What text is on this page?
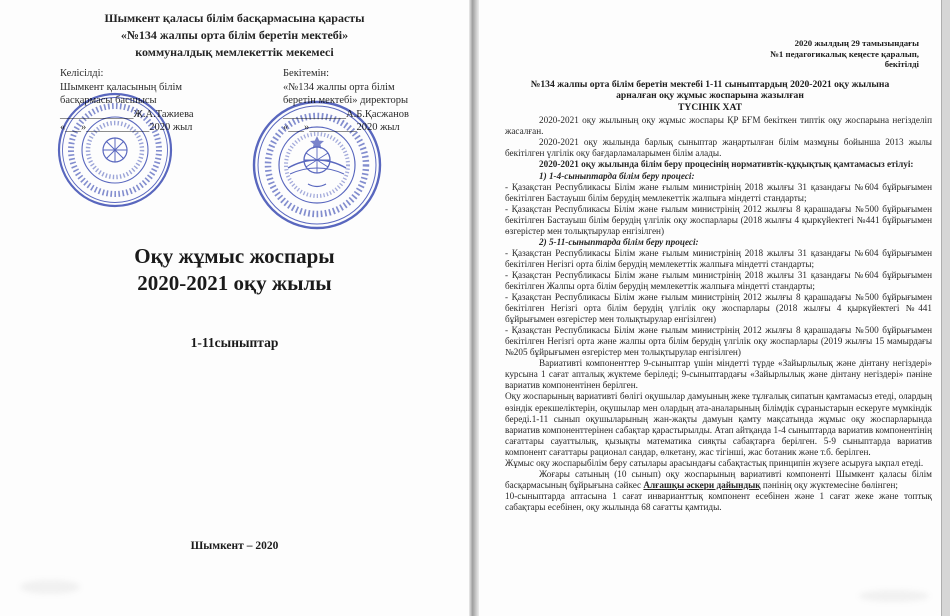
Шымкент қаласы білім басқармасына қарасты
«№134 жалпы орта білім беретін мектебі»
коммуналдық мемлекеттік мекемесі
Келісілді:
Шымкент қаласының білім
басқармасы басшысы
______________Ж.А.Тажиева
«___»____________2020 жыл
Бекітемін:
«№134 жалпы орта білім
беретін мектебі» директоры
____________А.Б.Қасжанов
«___»_________2020 жыл
Оқу жұмыс жоспары
2020-2021 оқу жылы
1-11сыныптар
Шымкент – 2020
2020 жылдың 29 тамызындағы
№1 педагогикалық кеңесте қаралып,
бекітілді
№134 жалпы орта білім беретін мектебі 1-11 сыныптардың 2020-2021 оқу жылына
арналған оқу жұмыс жоспарына жазылған
ТҮСІНІК ХАТ

2020-2021 оқу жылының оқу жұмыс жоспары ҚР БҒМ бекіткен типтік оқу жоспарына негізделіп жасалған.

2020-2021 оқу жылында барлық сыныптар жаңартылған білім мазмұны бойынша 2013 жылы бекітілген үлгілік оқу бағдарламаларымен білім алады.

2020-2021 оқу жылында білім беру процесінің нормативтік-құқықтық қамтамасыз етілуі:

1) 1-4-сыныптарда білім беру процесі:

- Қазақстан Республикасы Білім және ғылым министрінің 2018 жылғы 31 қазандағы №604 бұйрығымен бекітілген Бастауыш білім берудің мемлекеттік жалпыға міндетті стандарты;

- Қазақстан Республикасы Білім және ғылым министрінің 2012 жылғы 8 қарашадағы №500 бұйрығымен бекітілген Бастауыш білім берудің үлгілік оқу жоспарлары (2018 жылғы 4 қыркүйектегі №441 бұйрығымен өзгерістер мен толықтырулар енгізілген)

2) 5-11-сыныптарда білім беру процесі:

- Қазақстан Республикасы Білім және ғылым министрінің 2018 жылғы 31 қазандағы №604 бұйрығымен бекітілген Негізгі орта білім берудің мемлекеттік жалпыға міндетті стандарты;

- Қазақстан Республикасы Білім және ғылым министрінің 2018 жылғы 31 қазандағы №604 бұйрығымен бекітілген Жалпы орта білім берудің мемлекеттік жалпыға міндетті стандарты;

- Қазақстан Республикасы Білім және ғылым министрінің 2012 жылғы 8 қарашадағы №500 бұйрығымен бекітілген Негізгі орта білім берудің үлгілік оқу жоспарлары (2018 жылғы 4 қыркүйектегі №441 бұйрығымен өзгерістер мен толықтырулар енгізілген)

- Қазақстан Республикасы Білім және ғылым министрінің 2012 жылғы 8 қарашадағы №500 бұйрығымен бекітілген Негізгі орта және жалпы орта білім берудің үлгілік оқу жоспарлары (2019 жылғы 15 мамырдағы №205 бұйрығымен өзгерістер мен толықтырулар енгізілген)

Вариативті компоненттер 9-сыныптар үшін міндетті түрде «Зайырлылық және дінтану негіздері» курсына 1 сағат апталық жүктеме беріледі; 9-сыныптардағы «Зайырлылық және дінтану негіздері» пәніне вариатив компонентінен берілген.

Оқу жоспарының вариативті бөлігі оқушылар дамуының жеке тұлғалық сипатын қамтамасыз етеді, олардың өзіндік ерекшеліктерін, оқушылар мен олардың ата-аналарының білімдік сұраныстарын ескеруге мүмкіндік береді.1-11 сынып оқушыларының жан-жақты дамуын қамту мақсатында жұмыс оқу жоспарларында вариатив компоненттерінен сабақтар қарастырылды. Атап айтқанда 1-4 сыныптарда вариатив компонентінің сағаттары сауаттылық, қызықты математика сияқты сабақтарға берілген. 5-9 сыныптарда вариатив компонент сағаттары рационал сандар, өлкетану, жас тігінші, жас ботаник және т.б. берілген.

Жұмыс оқу жоспарыбілім беру сатылары арасындағы сабақтастық принципін жүзеге асыруға ықпал етеді.

Жоғары сатының (10 сынып) оқу жоспарының вариативті компоненті Шымкент қаласы білім басқармасының бұйрығына сәйкес Алғашқы әскери дайындық пәнінің оқу жүктемесіне бөлінген;

10-сыныптарда аптасына 1 сағат инварианттық компонент есебінен және 1 сағат жеке және топтық сабақтары есебінен, оқу жылында 68 сағатты қамтиды.
